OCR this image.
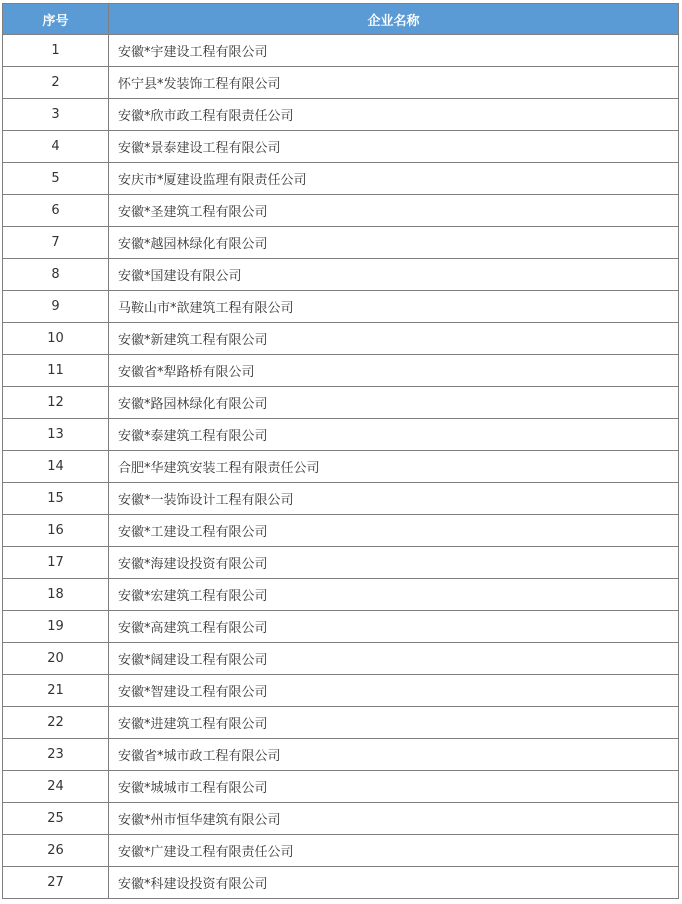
序号	企业名称
1	安徽*宇建设工程有限公司
2	怀宁县*发装饰工程有限公司
3	安徽*欣市政工程有限责任公司
4	安徽*景泰建设工程有限公司
5	安庆市*厦建设监理有限责任公司
6	安徽*圣建筑工程有限公司
7	安徽*越园林绿化有限公司
8	安徽*国建设有限公司
9	马鞍山市*歆建筑工程有限公司
10	安徽*新建筑工程有限公司
11	安徽省*犁路桥有限公司
12	安徽*路园林绿化有限公司
13	安徽*泰建筑工程有限公司
14	合肥*华建筑安装工程有限责任公司
15	安徽*一装饰设计工程有限公司
16	安徽*工建设工程有限公司
17	安徽*海建设投资有限公司
18	安徽*宏建筑工程有限公司
19	安徽*高建筑工程有限公司
20	安徽*阔建设工程有限公司
21	安徽*智建设工程有限公司
22	安徽*进建筑工程有限公司
23	安徽省*城市政工程有限公司
24	安徽*城城市工程有限公司
25	安徽*州市恒华建筑有限公司
26	安徽*广建设工程有限责任公司
27	安徽*科建设投资有限公司
